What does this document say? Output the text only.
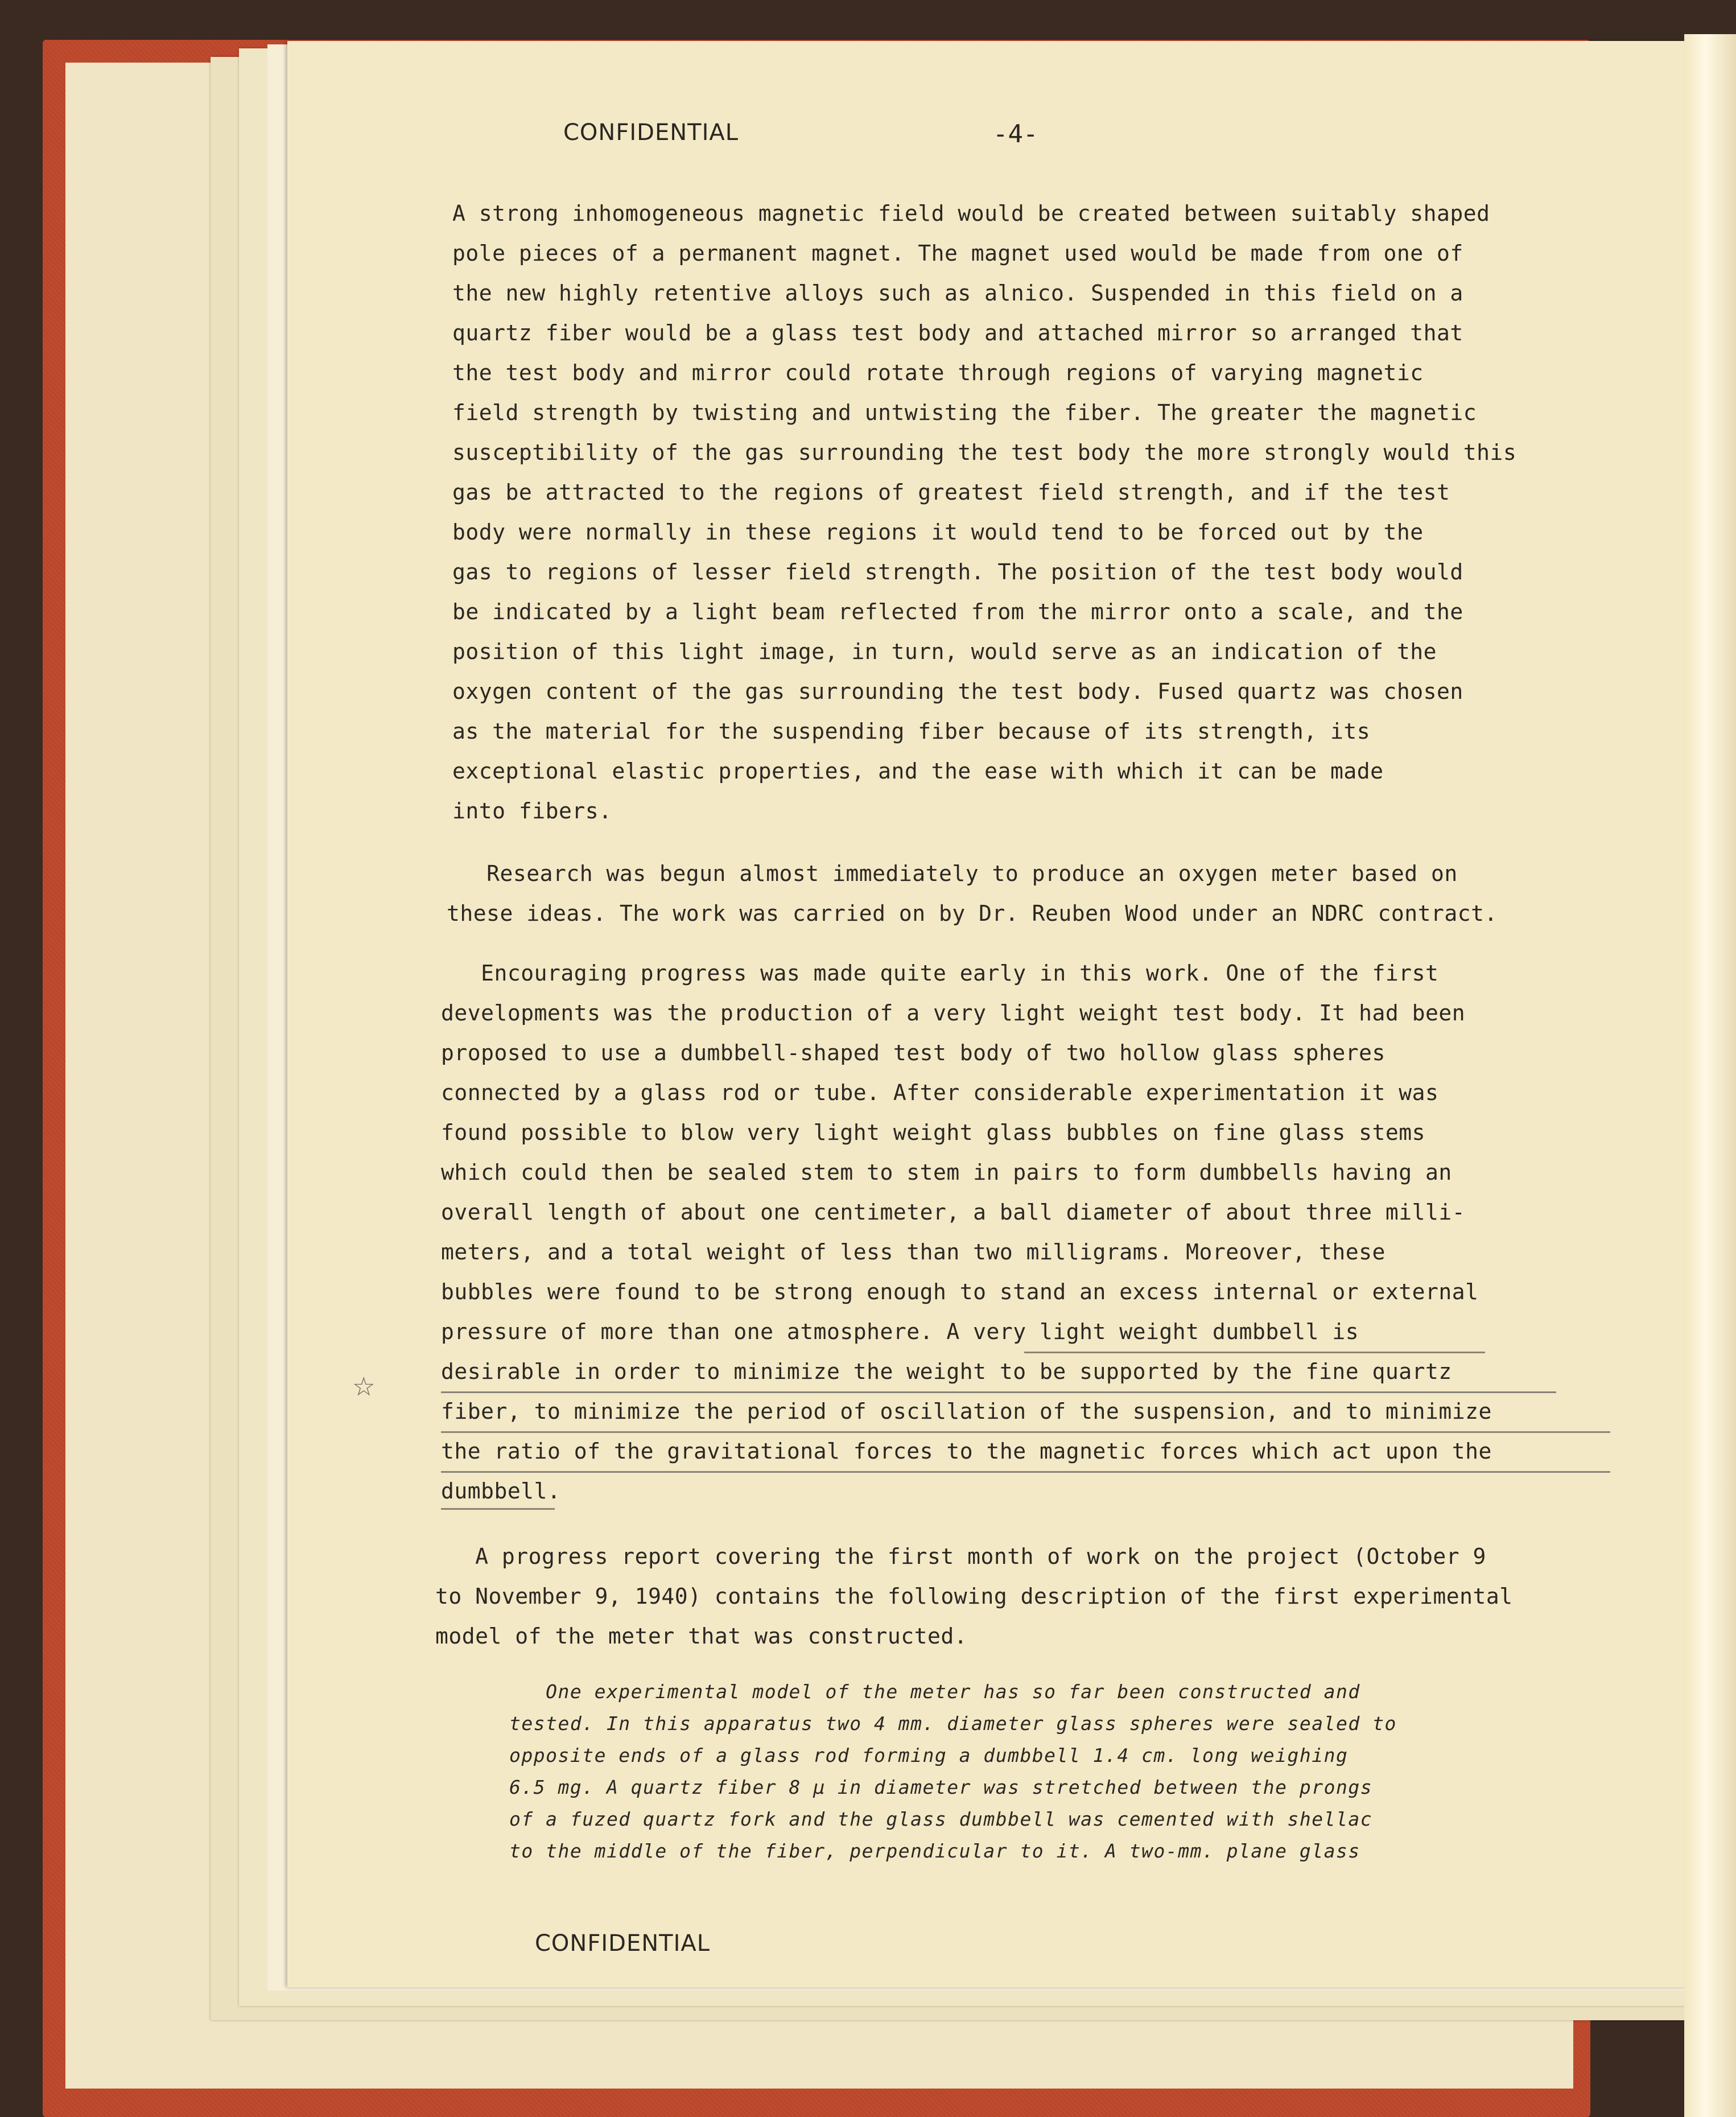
CONFIDENTIAL	-4-
A strong inhomogeneous magnetic field would be created between suitably shaped
pole pieces of a permanent magnet. The magnet used would be made from one of
the new highly retentive alloys such as alnico. Suspended in this field on a
quartz fiber would be a glass test body and attached mirror so arranged that
the test body and mirror could rotate through regions of varying magnetic
field strength by twisting and untwisting the fiber. The greater the magnetic
susceptibility of the gas surrounding the test body the more strongly would this
gas be attracted to the regions of greatest field strength, and if the test
body were normally in these regions it would tend to be forced out by the
gas to regions of lesser field strength. The position of the test body would
be indicated by a light beam reflected from the mirror onto a scale, and the
position of this light image, in turn, would serve as an indication of the
oxygen content of the gas surrounding the test body. Fused quartz was chosen
as the material for the suspending fiber because of its strength, its
exceptional elastic properties, and the ease with which it can be made
into fibers.
Research was begun almost immediately to produce an oxygen meter based on
these ideas. The work was carried on by Dr. Reuben Wood under an NDRC contract.
Encouraging progress was made quite early in this work. One of the first
developments was the production of a very light weight test body. It had been
proposed to use a dumbbell-shaped test body of two hollow glass spheres
connected by a glass rod or tube. After considerable experimentation it was
found possible to blow very light weight glass bubbles on fine glass stems
which could then be sealed stem to stem in pairs to form dumbbells having an
overall length of about one centimeter, a ball diameter of about three milli-
meters, and a total weight of less than two milligrams. Moreover, these
bubbles were found to be strong enough to stand an excess internal or external
pressure of more than one atmosphere. A very light weight dumbbell is
desirable in order to minimize the weight to be supported by the fine quartz
fiber, to minimize the period of oscillation of the suspension, and to minimize
the ratio of the gravitational forces to the magnetic forces which act upon the
dumbbell.
☆
A progress report covering the first month of work on the project (October 9
to November 9, 1940) contains the following description of the first experimental
model of the meter that was constructed.
One experimental model of the meter has so far been constructed and
tested. In this apparatus two 4 mm. diameter glass spheres were sealed to
opposite ends of a glass rod forming a dumbbell 1.4 cm. long weighing
6.5 mg. A quartz fiber 8 μ in diameter was stretched between the prongs
of a fuzed quartz fork and the glass dumbbell was cemented with shellac
to the middle of the fiber, perpendicular to it. A two-mm. plane glass
CONFIDENTIAL
